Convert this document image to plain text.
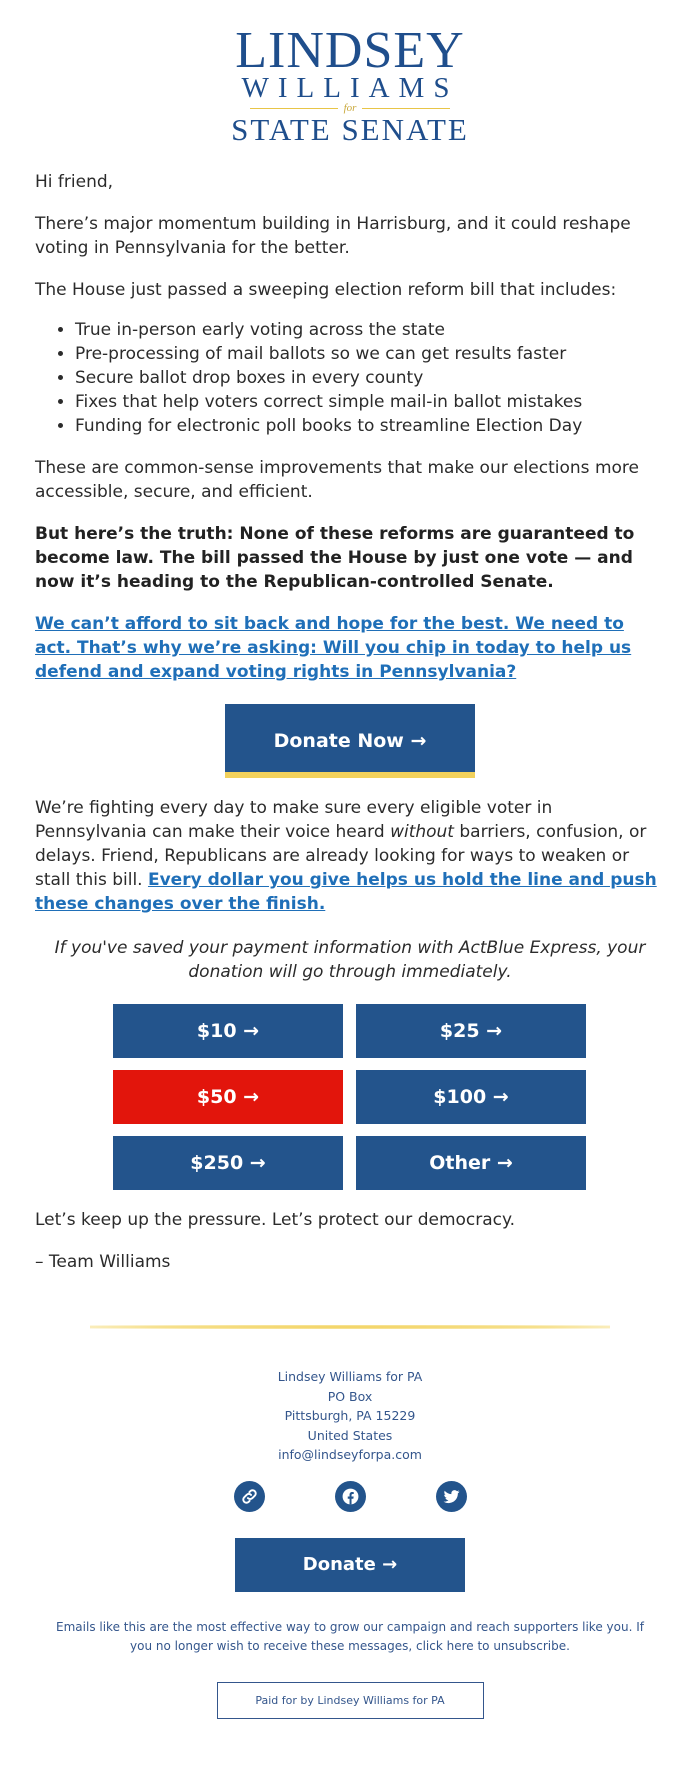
LINDSEY
WILLIAMS
for
STATE SENATE

Hi friend,

There’s major momentum building in Harrisburg, and it could reshape voting in Pennsylvania for the better.

The House just passed a sweeping election reform bill that includes:

• True in-person early voting across the state
• Pre-processing of mail ballots so we can get results faster
• Secure ballot drop boxes in every county
• Fixes that help voters correct simple mail-in ballot mistakes
• Funding for electronic poll books to streamline Election Day

These are common-sense improvements that make our elections more accessible, secure, and efficient.

But here’s the truth: None of these reforms are guaranteed to become law. The bill passed the House by just one vote — and now it’s heading to the Republican-controlled Senate.

We can’t afford to sit back and hope for the best. We need to act. That’s why we’re asking: Will you chip in today to help us defend and expand voting rights in Pennsylvania?

Donate Now →

We’re fighting every day to make sure every eligible voter in Pennsylvania can make their voice heard without barriers, confusion, or delays. Friend, Republicans are already looking for ways to weaken or stall this bill. Every dollar you give helps us hold the line and push these changes over the finish.

If you've saved your payment information with ActBlue Express, your donation will go through immediately.

$10 →	$25 →
$50 →	$100 →
$250 →	Other →

Let’s keep up the pressure. Let’s protect our democracy.

– Team Williams

Lindsey Williams for PA
PO Box
Pittsburgh, PA 15229
United States
info@lindseyforpa.com
Donate →
Emails like this are the most effective way to grow our campaign and reach supporters like you. If you no longer wish to receive these messages, click here to unsubscribe.
Paid for by Lindsey Williams for PA
